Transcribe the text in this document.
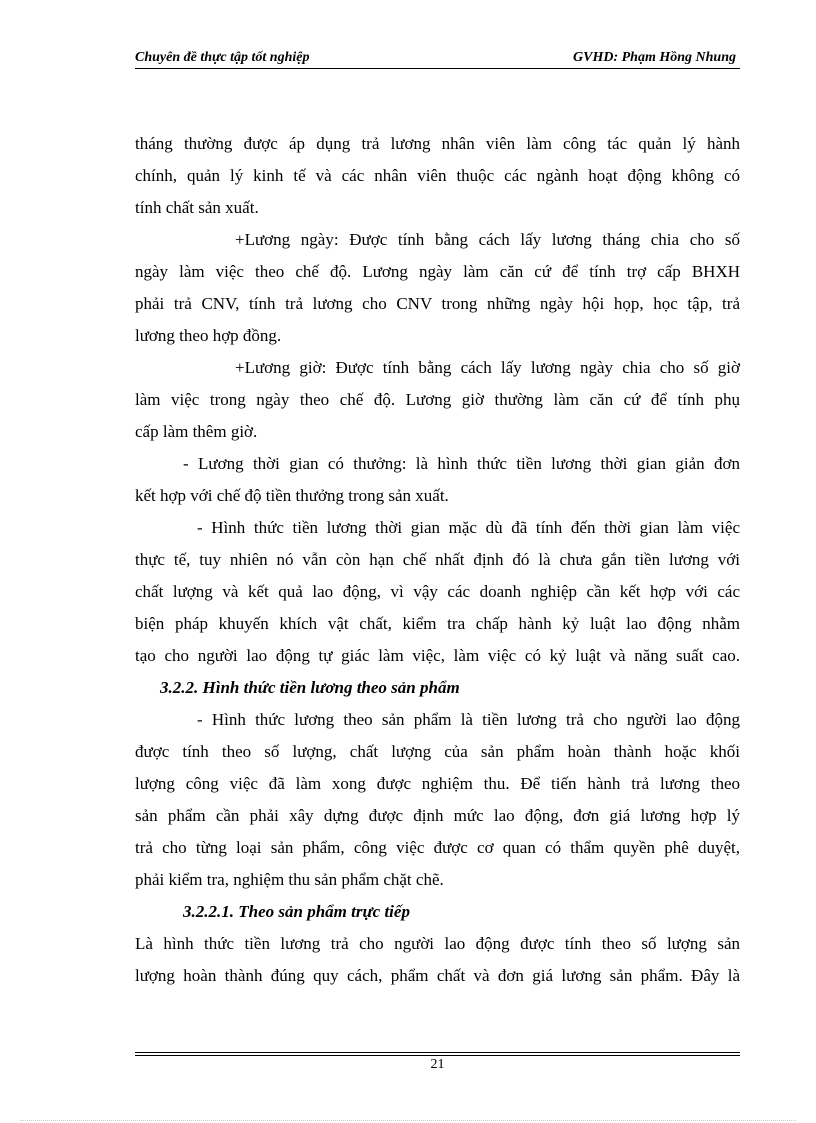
Chuyên đề thực tập tốt nghiệp	GVHD: Phạm Hồng Nhung
tháng thường được áp dụng trả lương nhân viên làm công tác quản lý hành
chính, quản lý kinh tế và các nhân viên thuộc các ngành hoạt động không có
tính chất sản xuất.
+Lương ngày: Được tính bằng cách lấy lương tháng chia cho số
ngày làm việc theo chế độ. Lương ngày làm căn cứ để tính trợ cấp BHXH
phải trả CNV, tính trả lương cho CNV trong những ngày hội họp, học tập, trả
lương theo hợp đồng.
+Lương giờ: Được tính bằng cách lấy lương ngày chia cho số giờ
làm việc trong ngày theo chế độ. Lương giờ thường làm căn cứ để tính phụ
cấp làm thêm giờ.
- Lương thời gian có thưởng: là hình thức tiền lương thời gian giản đơn
kết hợp với chế độ tiền thưởng trong sản xuất.
- Hình thức tiền lương thời gian mặc dù đã tính đến thời gian làm việc
thực tế, tuy nhiên nó vẫn còn hạn chế nhất định đó là chưa gắn tiền lương với
chất lượng và kết quả lao động, vì vậy các doanh nghiệp cần kết hợp với các
biện pháp khuyến khích vật chất, kiểm tra chấp hành kỷ luật lao động nhằm
tạo cho người lao động tự giác làm việc, làm việc có kỷ luật và năng suất cao.
3.2.2. Hình thức tiền lương theo sản phẩm
- Hình thức lương theo sản phẩm là tiền lương trả cho người lao động
được tính theo số lượng, chất lượng của sản phẩm hoàn thành hoặc khối
lượng công việc đã làm xong được nghiệm thu. Để tiến hành trả lương theo
sản phẩm cần phải xây dựng được định mức lao động, đơn giá lương hợp lý
trả cho từng loại sản phẩm, công việc được cơ quan có thẩm quyền phê duyệt,
phải kiểm tra, nghiệm thu sản phẩm chặt chẽ.
3.2.2.1. Theo sản phẩm trực tiếp
Là hình thức tiền lương trả cho người lao động được tính theo số lượng sản
lượng hoàn thành đúng quy cách, phẩm chất và đơn giá lương sản phẩm. Đây là
21
